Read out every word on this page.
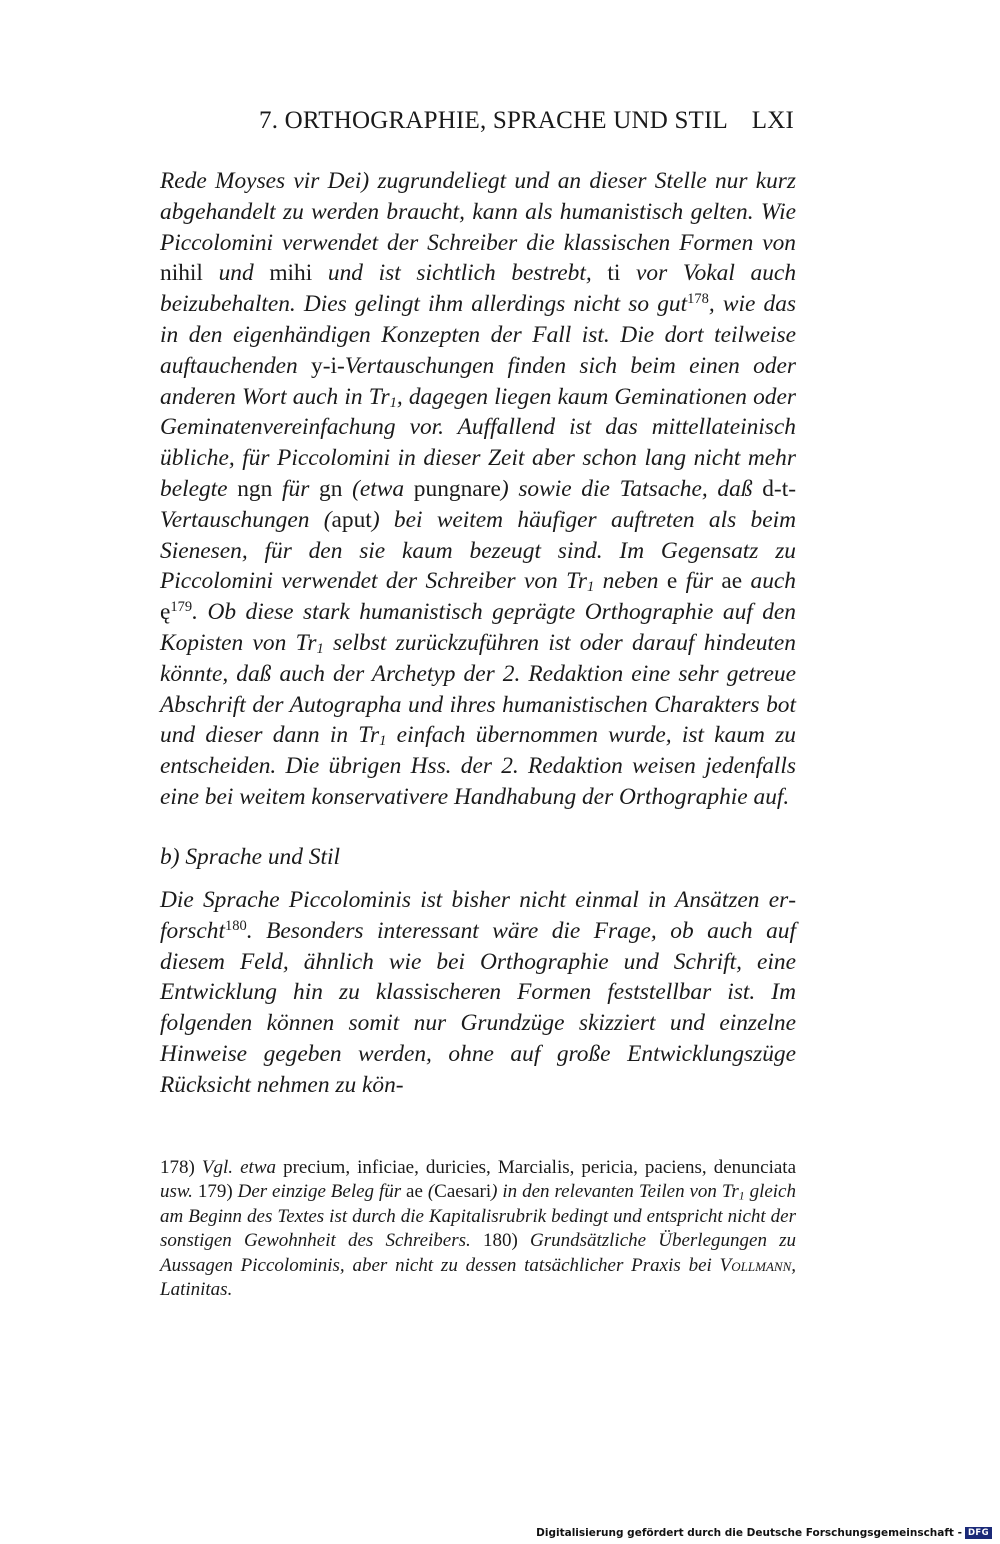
7. ORTHOGRAPHIE, SPRACHE UND STIL LXI

Rede Moyses vir Dei) zugrundeliegt und an dieser Stelle nur kurz abgehandelt zu werden braucht, kann als humanistisch gelten. Wie Piccolomini verwendet der Schreiber die klassischen Formen von nihil und mihi und ist sichtlich bestrebt, ti vor Vokal auch beizubehalten. Dies gelingt ihm allerdings nicht so gut$^{178}$, wie das in den eigenhändigen Konzepten der Fall ist. Die dort teilweise auftauchenden y-i-Vertauschungen finden sich beim einen oder anderen Wort auch in $Tr_1$, dagegen liegen kaum Geminationen oder Geminatenvereinfachung vor. Auffallend ist das mittellateinisch übliche, für Piccolomini in dieser Zeit aber schon lang nicht mehr belegte ngn für gn (etwa pungnare) sowie die Tatsache, daß d-t-Vertauschungen (aput) bei weitem häufiger auftreten als beim Sienesen, für den sie kaum bezeugt sind. Im Gegensatz zu Piccolomini verwendet der Schreiber von $Tr_1$ neben e für ae auch $ę^{179}$. Ob diese stark humanistisch geprägte Orthographie auf den Kopisten von $Tr_1$ selbst zurückzuführen ist oder darauf hindeuten könnte, daß auch der Archetyp der 2. Redaktion eine sehr getreue Abschrift der Autographa und ihres humanistischen Charakters bot und dieser dann in $Tr_1$ einfach übernommen wurde, ist kaum zu entscheiden. Die übrigen Hss. der 2. Redaktion weisen jedenfalls eine bei weitem konservativere Handhabung der Orthographie auf.

b) Sprache und Stil

Die Sprache Piccolominis ist bisher nicht einmal in Ansätzen erforscht$^{180}$. Besonders interessant wäre die Frage, ob auch auf diesem Feld, ähnlich wie bei Orthographie und Schrift, eine Entwicklung hin zu klassischeren Formen feststellbar ist. Im folgenden können somit nur Grundzüge skizziert und einzelne Hinweise gegeben werden, ohne auf große Entwicklungszüge Rücksicht nehmen zu kön-

178) Vgl. etwa precium, inficiae, duricies, Marcialis, pericia, paciens, denunciata usw. 179) Der einzige Beleg für ae (Caesari) in den relevanten Teilen von $Tr_1$ gleich am Beginn des Textes ist durch die Kapitalisrubrik bedingt und entspricht nicht der sonstigen Gewohnheit des Schreibers. 180) Grundsätzliche Überlegungen zu Aussagen Piccolominis, aber nicht zu dessen tatsächlicher Praxis bei Vollmann, Latinitas.

Digitalisierung gefördert durch die Deutsche Forschungsgemeinschaft - DFG
